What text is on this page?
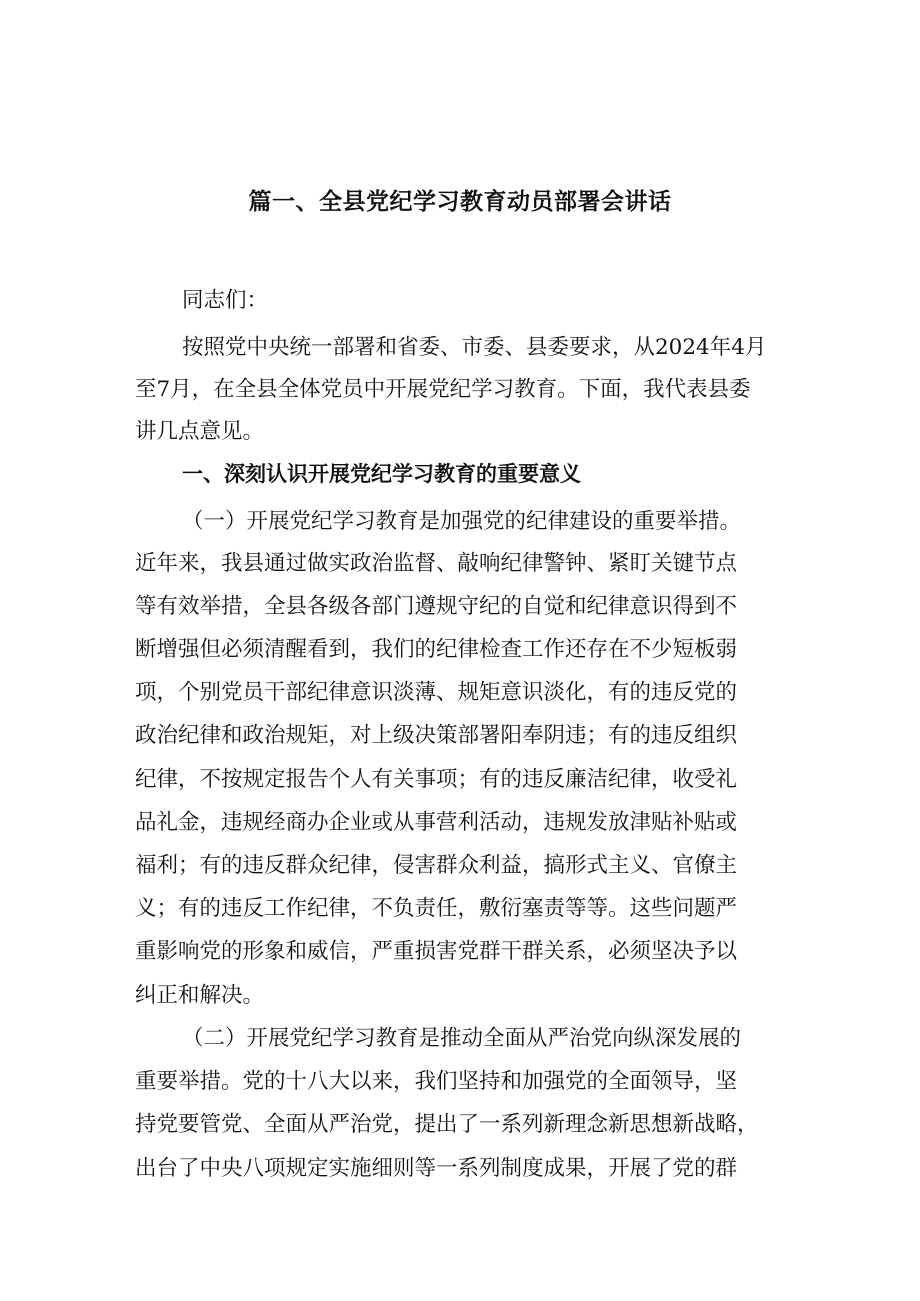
篇一、全县党纪学习教育动员部署会讲话
同志们：
按照党中央统一部署和省委、市委、县委要求，从2024年4月
至7月，在全县全体党员中开展党纪学习教育。下面，我代表县委
讲几点意见。
一、深刻认识开展党纪学习教育的重要意义
（一）开展党纪学习教育是加强党的纪律建设的重要举措。
近年来，我县通过做实政治监督、敲响纪律警钟、紧盯关键节点
等有效举措，全县各级各部门遵规守纪的自觉和纪律意识得到不
断增强但必须清醒看到，我们的纪律检查工作还存在不少短板弱
项，个别党员干部纪律意识淡薄、规矩意识淡化，有的违反党的
政治纪律和政治规矩，对上级决策部署阳奉阴违；有的违反组织
纪律，不按规定报告个人有关事项；有的违反廉洁纪律，收受礼
品礼金，违规经商办企业或从事营利活动，违规发放津贴补贴或
福利；有的违反群众纪律，侵害群众利益，搞形式主义、官僚主
义；有的违反工作纪律，不负责任，敷衍塞责等等。这些问题严
重影响党的形象和威信，严重损害党群干群关系，必须坚决予以
纠正和解决。
（二）开展党纪学习教育是推动全面从严治党向纵深发展的
重要举措。党的十八大以来，我们坚持和加强党的全面领导，坚
持党要管党、全面从严治党，提出了一系列新理念新思想新战略，
出台了中央八项规定实施细则等一系列制度成果，开展了党的群
